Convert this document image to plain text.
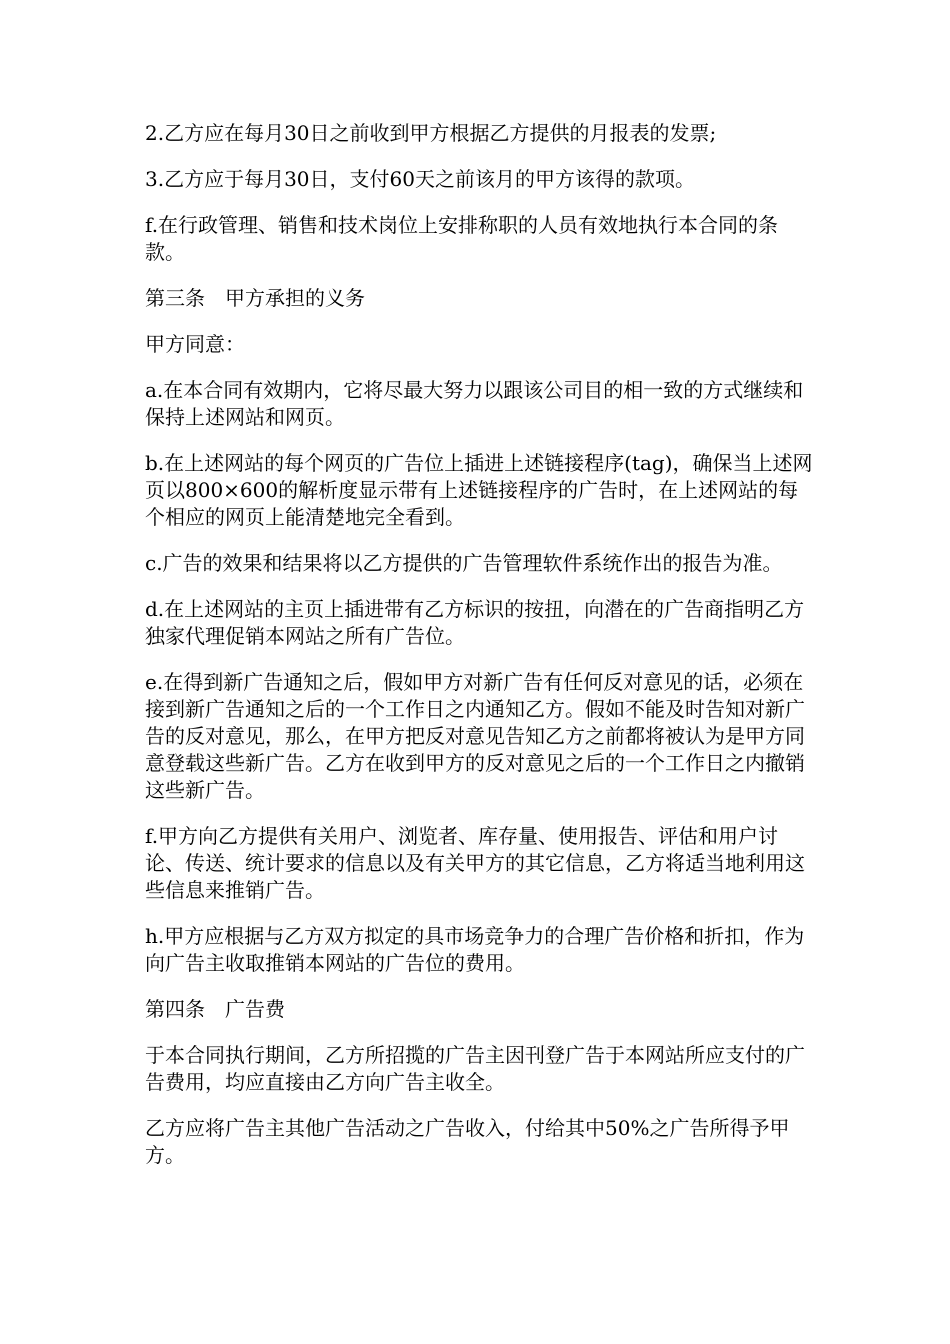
2.乙方应在每月30日之前收到甲方根据乙方提供的月报表的发票;

3.乙方应于每月30日，支付60天之前该月的甲方该得的款项。

f.在行政管理、销售和技术岗位上安排称职的人员有效地执行本合同的条款。

第三条　甲方承担的义务

甲方同意：

a.在本合同有效期内，它将尽最大努力以跟该公司目的相一致的方式继续和保持上述网站和网页。

b.在上述网站的每个网页的广告位上插进上述链接程序(tag)，确保当上述网页以800×600的解析度显示带有上述链接程序的广告时，在上述网站的每个相应的网页上能清楚地完全看到。

c.广告的效果和结果将以乙方提供的广告管理软件系统作出的报告为准。

d.在上述网站的主页上插进带有乙方标识的按扭，向潜在的广告商指明乙方独家代理促销本网站之所有广告位。

e.在得到新广告通知之后，假如甲方对新广告有任何反对意见的话，必须在接到新广告通知之后的一个工作日之内通知乙方。假如不能及时告知对新广告的反对意见，那么，在甲方把反对意见告知乙方之前都将被认为是甲方同意登载这些新广告。乙方在收到甲方的反对意见之后的一个工作日之内撤销这些新广告。

f.甲方向乙方提供有关用户、浏览者、库存量、使用报告、评估和用户讨论、传送、统计要求的信息以及有关甲方的其它信息，乙方将适当地利用这些信息来推销广告。

h.甲方应根据与乙方双方拟定的具市场竞争力的合理广告价格和折扣，作为向广告主收取推销本网站的广告位的费用。

第四条　广告费

于本合同执行期间，乙方所招揽的广告主因刊登广告于本网站所应支付的广告费用，均应直接由乙方向广告主收全。

乙方应将广告主其他广告活动之广告收入，付给其中50%之广告所得予甲方。
